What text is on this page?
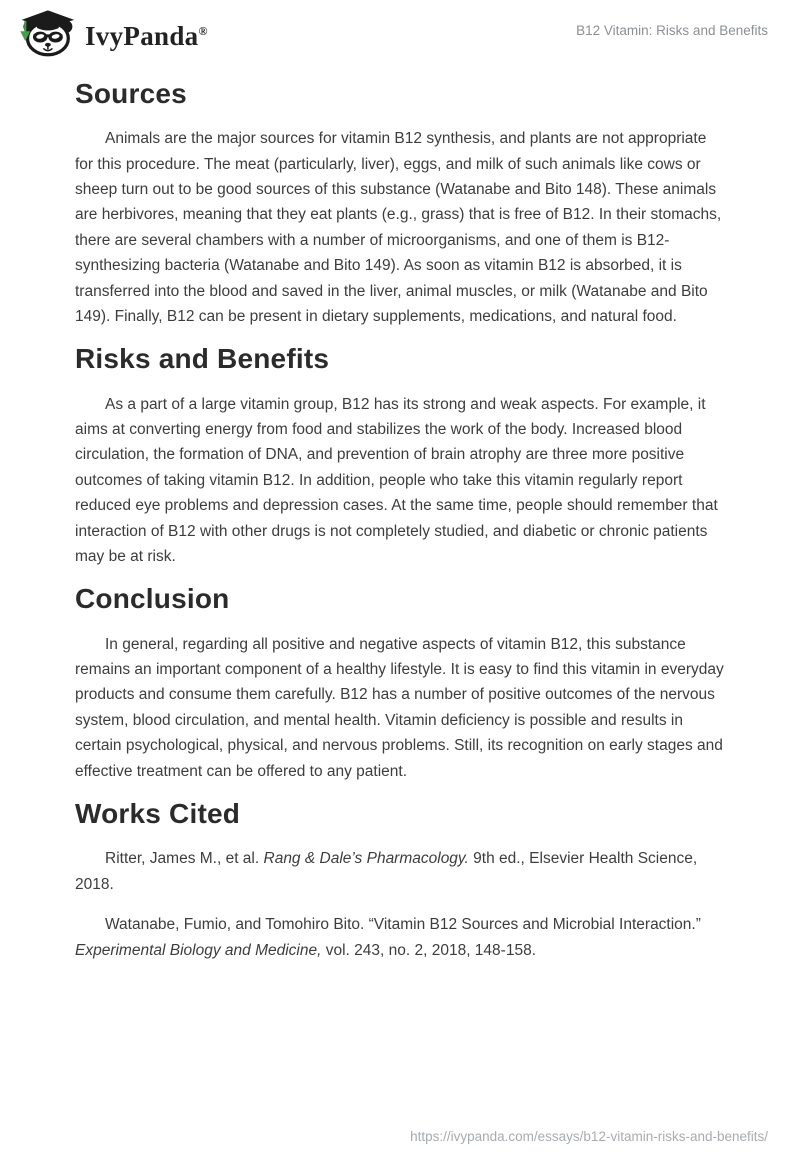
IvyPanda®	B12 Vitamin: Risks and Benefits
Sources

Animals are the major sources for vitamin B12 synthesis, and plants are not appropriate for this procedure. The meat (particularly, liver), eggs, and milk of such animals like cows or sheep turn out to be good sources of this substance (Watanabe and Bito 148). These animals are herbivores, meaning that they eat plants (e.g., grass) that is free of B12. In their stomachs, there are several chambers with a number of microorganisms, and one of them is B12-synthesizing bacteria (Watanabe and Bito 149). As soon as vitamin B12 is absorbed, it is transferred into the blood and saved in the liver, animal muscles, or milk (Watanabe and Bito 149). Finally, B12 can be present in dietary supplements, medications, and natural food.

Risks and Benefits

As a part of a large vitamin group, B12 has its strong and weak aspects. For example, it aims at converting energy from food and stabilizes the work of the body. Increased blood circulation, the formation of DNA, and prevention of brain atrophy are three more positive outcomes of taking vitamin B12. In addition, people who take this vitamin regularly report reduced eye problems and depression cases. At the same time, people should remember that interaction of B12 with other drugs is not completely studied, and diabetic or chronic patients may be at risk.

Conclusion

In general, regarding all positive and negative aspects of vitamin B12, this substance remains an important component of a healthy lifestyle. It is easy to find this vitamin in everyday products and consume them carefully. B12 has a number of positive outcomes of the nervous system, blood circulation, and mental health. Vitamin deficiency is possible and results in certain psychological, physical, and nervous problems. Still, its recognition on early stages and effective treatment can be offered to any patient.

Works Cited

Ritter, James M., et al. Rang & Dale’s Pharmacology. 9th ed., Elsevier Health Science, 2018.

Watanabe, Fumio, and Tomohiro Bito. “Vitamin B12 Sources and Microbial Interaction.” Experimental Biology and Medicine, vol. 243, no. 2, 2018, 148-158.

https://ivypanda.com/essays/b12-vitamin-risks-and-benefits/
